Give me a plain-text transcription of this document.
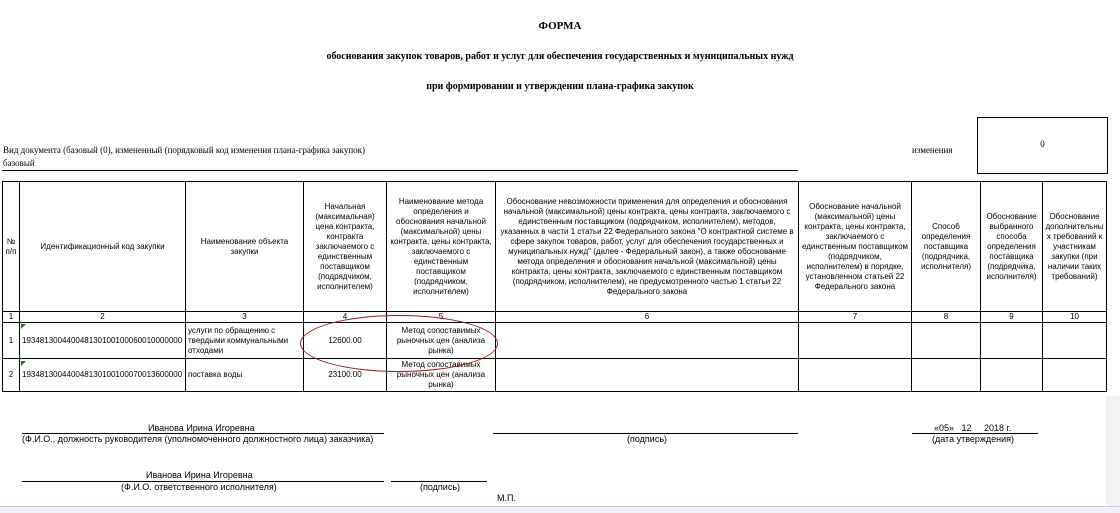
ФОРМА
обоснования закупок товаров, работ и услуг для обеспечения государственных и муниципальных нужд
при формировании и утверждении плана-графика закупок
Вид документа (базовый (0), измененный (порядковый код изменения плана-графика закупок)
базовый
изменения
0
№ п/п	Идентификационный код закупки	Наименование объекта закупки	Начальная (максимальная) цена контракта, контракта заключаемого с единственным поставщиком (подрядчиком, исполнителем)	Наименование метода определения и обоснования начальной (максимальной) цены контракта, цены контракта, заключаемого с единственным поставщиком (подрядчиком, исполнителем)	Обоснование невозможности применения для определения и обоснования начальной (максимальной) цены контракта, цены контракта, заключаемого с единственным поставщиком (подрядчиком, исполнителем), методов, указанных в части 1 статьи 22 Федерального закона "О контрактной системе в сфере закупок товаров, работ, услуг для обеспечения государственных и муниципальных нужд" (далее - Федеральный закон), а также обоснование метода определения и обоснования начальной (максимальной) цены контракта, цены контракта, заключаемого с единственным поставщиком (подрядчиком, исполнителем), не предусмотренного частью 1 статьи 22 Федерального закона	Обоснование начальной (максимальной) цены контракта, цены контракта, заключаемого с единственным поставщиком (подрядчиком, исполнителем) в порядке, установленном статьей 22 Федерального закона	Способ определения поставщика (подрядчика, исполнителя)	Обоснование выбранного способа определения поставщика (подрядчика, исполнителя)	Обоснование дополнительны х требований к участникам закупки (при наличии таких требований)
1	2	3	4	5	6	7	8	9	10
1	193481300440048130100100060010000000	услуги по обращению с твердыми коммунальными отходами	12600.00	Метод сопоставимых рыночных цен (анализа рынка)					
2	193481300440048130100100070013600000	поставка воды	23100.00	Метод сопоставимых рыночных цен (анализа рынка)					
Иванова Ирина Игоревна
(Ф.И.О., должность руководителя (уполномоченного должностного лица) заказчика)	(подпись)
«05»   12     2018 г.
(дата утверждения)
Иванова Ирина Игоревна
(Ф.И.О. ответственного исполнителя)	(подпись)
М.П.
